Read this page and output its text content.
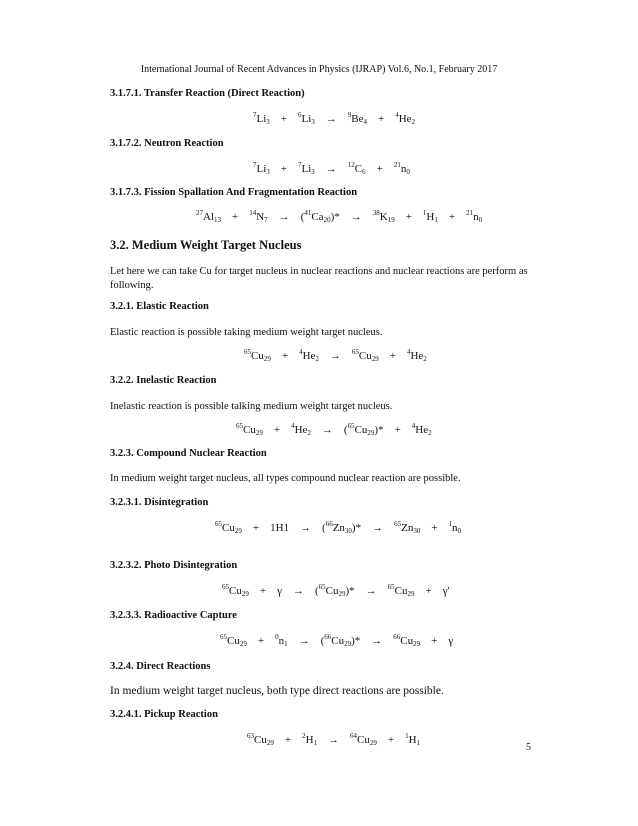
International Journal of Recent Advances in Physics (IJRAP) Vol.6, No.1, February 2017
3.1.7.1. Transfer Reaction (Direct Reaction)
$^7Li_3 + ^6Li_3 \to ^9Be_4 + ^4He_2$
3.1.7.2. Neutron Reaction
$^7Li_3 + ^7Li_3 \to ^{12}C_6 + ^{21}n_0$
3.1.7.3. Fission Spallation And Fragmentation Reaction
$^{27}Al_{13} + ^{14}N_7 \to (^{41}Ca_{20})* \to ^{38}K_{19} + ^1H_1 + ^{21}n_0$
3.2. Medium Weight Target Nucleus
Let here we can take Cu for target nucleus in nuclear reactions and nuclear reactions are perform as following.
3.2.1. Elastic Reaction
Elastic reaction is possible taking medium weight target nucleus.
$^{65}Cu_{29} + ^4He_2 \to ^{65}Cu_{29} + ^4He_2$
3.2.2. Inelastic Reaction
Inelastic reaction is possible talking medium weight target nucleus.
$^{65}Cu_{29} + ^4He_2 \to (^{65}Cu_{29})* + ^4He_2$
3.2.3. Compound Nuclear Reaction
In medium weight target nucleus, all types compound nuclear reaction are possible.
3.2.3.1. Disintegration
$^{65}Cu_{29} + 1H1 \to (^{66}Zn_{30})* \to ^{65}Zn_{30} + ^1n_0$
3.2.3.2. Photo Disintegration
$^{65}Cu_{29} + \gamma \to (^{65}Cu_{29})* \to ^{65}Cu_{29} + \gamma'$
3.2.3.3. Radioactive Capture
$^{65}Cu_{29} + ^0n_1 \to (^{66}Cu_{29})* \to ^{66}Cu_{29} + \gamma$
3.2.4. Direct Reactions
In medium weight target nucleus, both type direct reactions are possible.
3.2.4.1. Pickup Reaction
$^{63}Cu_{29} + ^2H_1 \to ^{64}Cu_{29} + ^1H_1$	5
